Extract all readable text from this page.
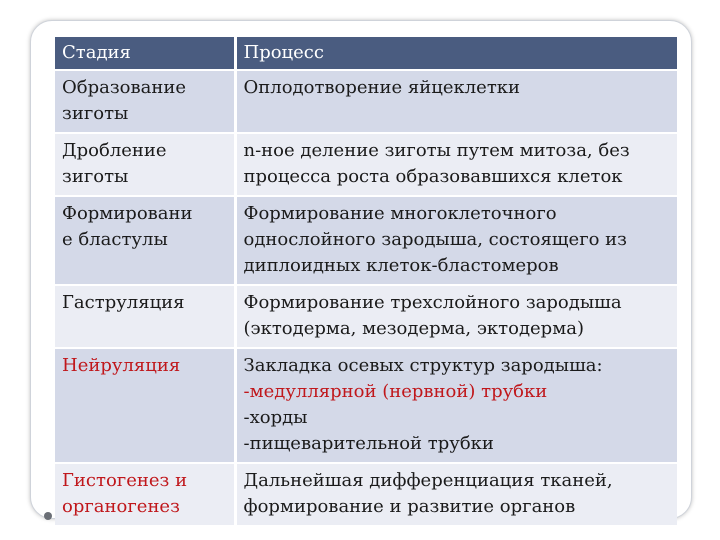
Стадия	Процесс

Образование
зиготы	Оплодотворение яйцеклетки

Дробление
зиготы	n-ное деление зиготы путем митоза, без
процесса роста образовавшихся клеток

Формировани
е бластулы	Формирование многоклеточного
однослойного зародыша, состоящего из
диплоидных клеток-бластомеров

Гаструляция	Формирование трехслойного зародыша
(эктодерма, мезодерма, эктодерма)

Нейруляция	Закладка осевых структур зародыша:
-медуллярной (нервной) трубки
-хорды
-пищеварительной трубки

Гистогенез и
органогенез	Дальнейшая дифференциация тканей,
формирование и развитие органов
